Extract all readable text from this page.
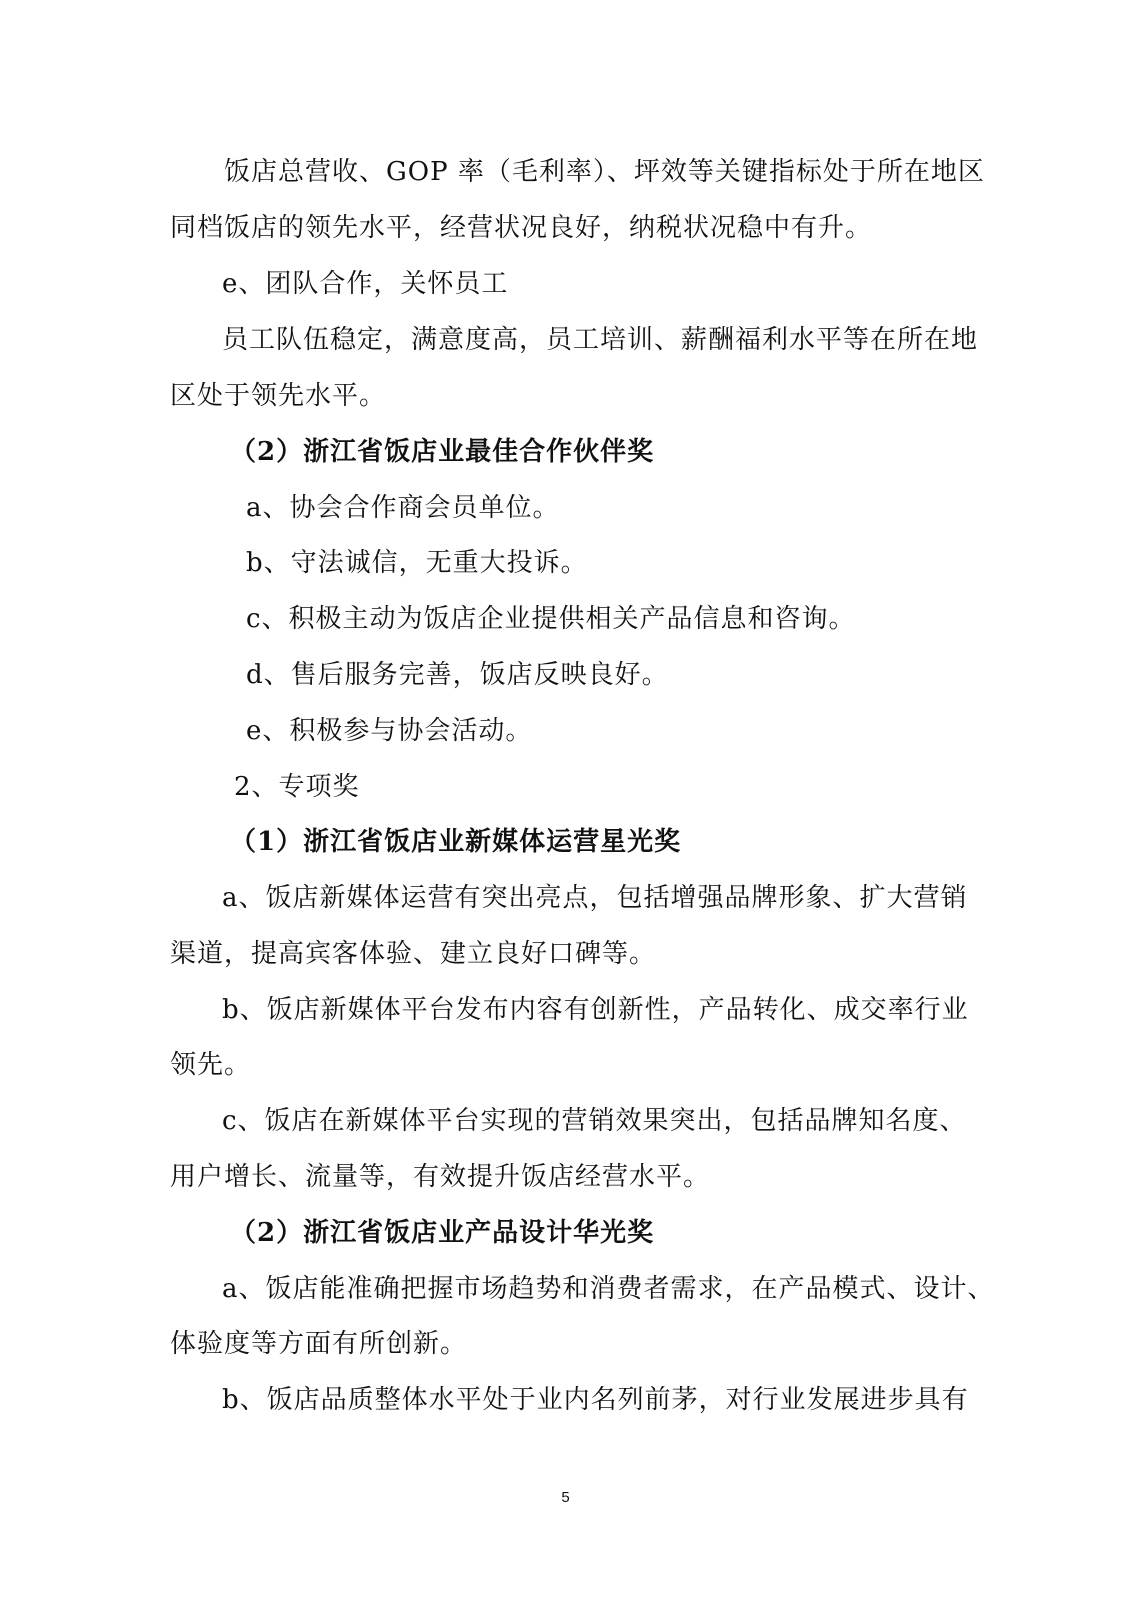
饭店总营收、GOP 率（毛利率）、坪效等关键指标处于所在地区
同档饭店的领先水平，经营状况良好，纳税状况稳中有升。
e、团队合作，关怀员工
员工队伍稳定，满意度高，员工培训、薪酬福利水平等在所在地
区处于领先水平。
（2）浙江省饭店业最佳合作伙伴奖
a、协会合作商会员单位。
b、守法诚信，无重大投诉。
c、积极主动为饭店企业提供相关产品信息和咨询。
d、售后服务完善，饭店反映良好。
e、积极参与协会活动。
2、专项奖
（1）浙江省饭店业新媒体运营星光奖
a、饭店新媒体运营有突出亮点，包括增强品牌形象、扩大营销
渠道，提高宾客体验、建立良好口碑等。
b、饭店新媒体平台发布内容有创新性，产品转化、成交率行业
领先。
c、饭店在新媒体平台实现的营销效果突出，包括品牌知名度、
用户增长、流量等，有效提升饭店经营水平。
（2）浙江省饭店业产品设计华光奖
a、饭店能准确把握市场趋势和消费者需求，在产品模式、设计、
体验度等方面有所创新。
b、饭店品质整体水平处于业内名列前茅，对行业发展进步具有
5
